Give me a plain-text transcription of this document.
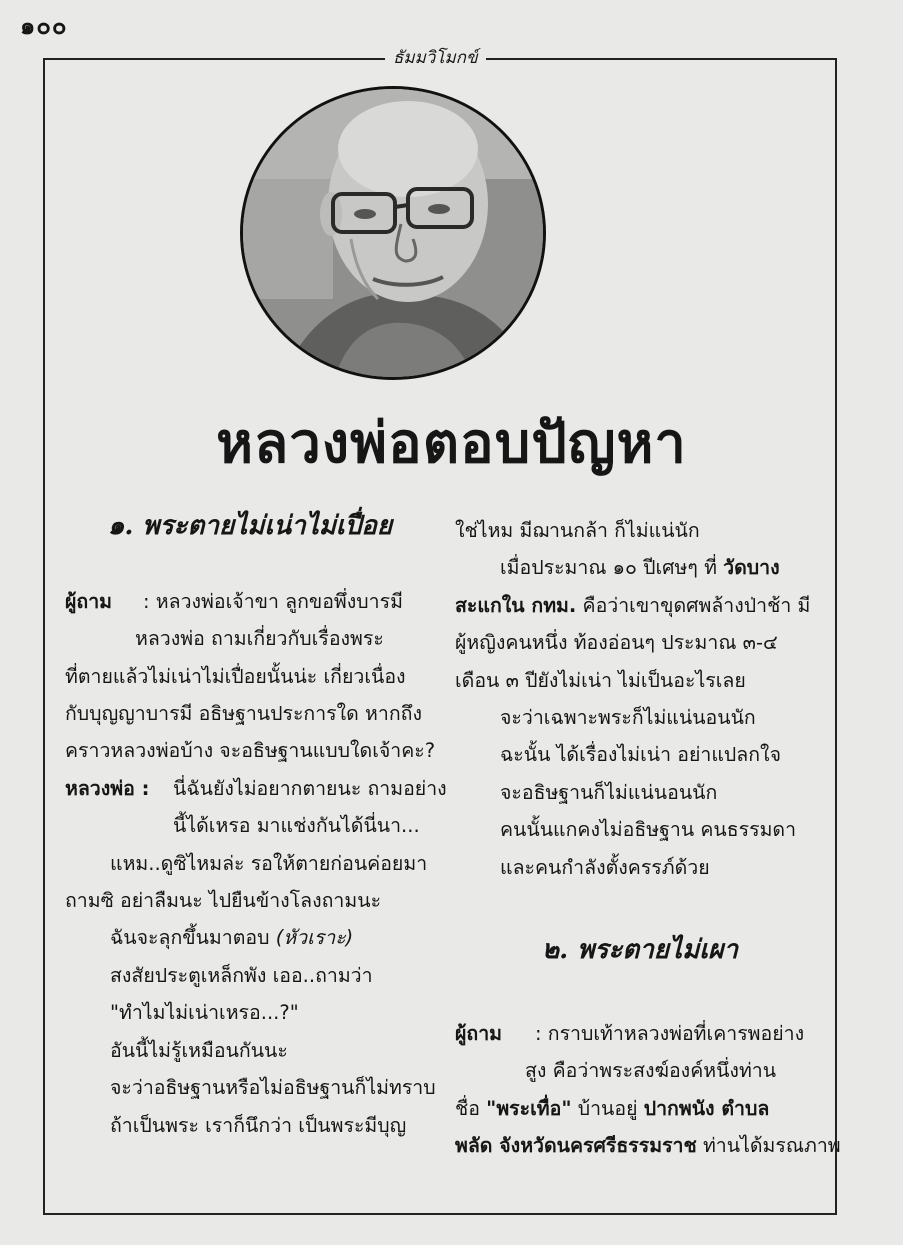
๑๐๐
ธัมมวิโมกข์
หลวงพ่อตอบปัญหา

๑. พระตายไม่เน่าไม่เปื่อย

ผู้ถาม : หลวงพ่อเจ้าขา ลูกขอพึ่งบารมี

หลวงพ่อ ถามเกี่ยวกับเรื่องพระ

ที่ตายแล้วไม่เน่าไม่เปื่อยนั้นน่ะ เกี่ยวเนื่อง

กับบุญญาบารมี อธิษฐานประการใด หากถึง

คราวหลวงพ่อบ้าง จะอธิษฐานแบบใดเจ้าคะ?

หลวงพ่อ : นี่ฉันยังไม่อยากตายนะ ถามอย่าง

นี้ได้เหรอ มาแช่งกันได้นี่นา...

แหม..ดูซิไหมล่ะ รอให้ตายก่อนค่อยมา

ถามซิ อย่าลืมนะ ไปยืนข้างโลงถามนะ

ฉันจะลุกขึ้นมาตอบ (หัวเราะ)

สงสัยประตูเหล็กพัง เออ..ถามว่า

"ทำไมไม่เน่าเหรอ...?"

อันนี้ไม่รู้เหมือนกันนะ

จะว่าอธิษฐานหรือไม่อธิษฐานก็ไม่ทราบ

ถ้าเป็นพระ เราก็นึกว่า เป็นพระมีบุญ

ใช่ไหม มีฌานกล้า ก็ไม่แน่นัก

เมื่อประมาณ ๑๐ ปีเศษๆ ที่ วัดบาง

สะแกใน กทม. คือว่าเขาขุดศพล้างป่าช้า มี

ผู้หญิงคนหนึ่ง ท้องอ่อนๆ ประมาณ ๓-๔

เดือน ๓ ปียังไม่เน่า ไม่เป็นอะไรเลย

จะว่าเฉพาะพระก็ไม่แน่นอนนัก

ฉะนั้น ได้เรื่องไม่เน่า อย่าแปลกใจ

จะอธิษฐานก็ไม่แน่นอนนัก

คนนั้นแกคงไม่อธิษฐาน คนธรรมดา

และคนกำลังตั้งครรภ์ด้วย

๒. พระตายไม่เผา

ผู้ถาม : กราบเท้าหลวงพ่อที่เคารพอย่าง

สูง คือว่าพระสงฆ์องค์หนึ่งท่าน

ชื่อ "พระเทื่อ" บ้านอยู่ ปากพนัง ตำบล

พลัด จังหวัดนครศรีธรรมราช ท่านได้มรณภาพ
